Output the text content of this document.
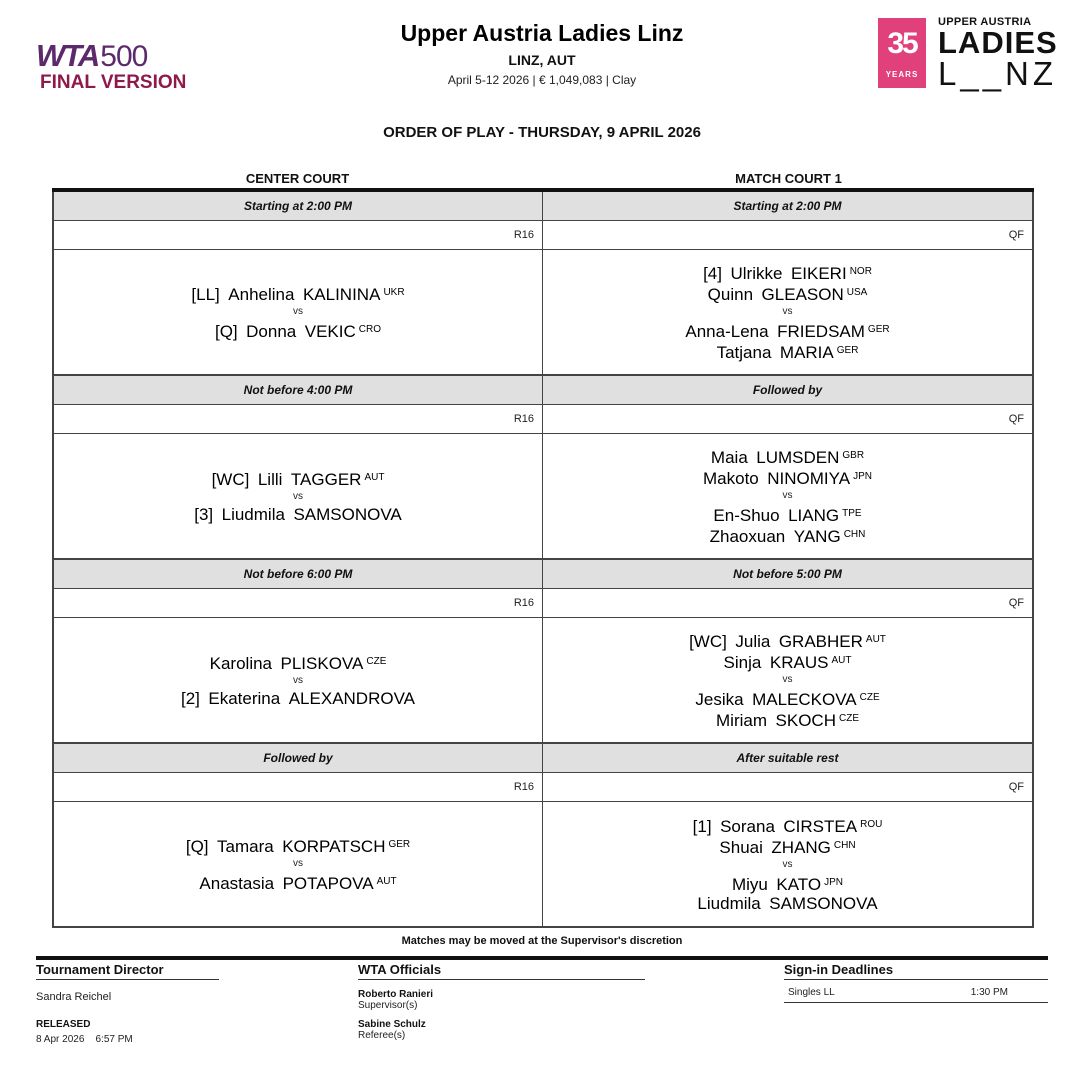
WTA 500
FINAL VERSION
Upper Austria Ladies Linz
LINZ, AUT
April 5-12 2026 | € 1,049,083 | Clay
35
YEARS
UPPER AUSTRIA
LADIES
L__NZ
ORDER OF PLAY - THURSDAY, 9 APRIL 2026
CENTER COURT	MATCH COURT 1
Starting at 2:00 PM
R16
[LL]  Anhelina  KALININA $^{UKR}$
vs
[Q]  Donna  VEKIC $^{CRO}$
Starting at 2:00 PM
QF
[4]  Ulrikke  EIKERI $^{NOR}$
Quinn  GLEASON $^{USA}$
vs
Anna-Lena  FRIEDSAM $^{GER}$
Tatjana  MARIA $^{GER}$
Not before 4:00 PM
R16
[WC]  Lilli  TAGGER $^{AUT}$
vs
[3]  Liudmila  SAMSONOVA
Followed by
QF
Maia  LUMSDEN $^{GBR}$
Makoto  NINOMIYA $^{JPN}$
vs
En-Shuo  LIANG $^{TPE}$
Zhaoxuan  YANG $^{CHN}$
Not before 6:00 PM
R16
Karolina  PLISKOVA $^{CZE}$
vs
[2]  Ekaterina  ALEXANDROVA
Not before 5:00 PM
QF
[WC]  Julia  GRABHER $^{AUT}$
Sinja  KRAUS $^{AUT}$
vs
Jesika  MALECKOVA $^{CZE}$
Miriam  SKOCH $^{CZE}$
Followed by
R16
[Q]  Tamara  KORPATSCH $^{GER}$
vs
Anastasia  POTAPOVA $^{AUT}$
After suitable rest
QF
[1]  Sorana  CIRSTEA $^{ROU}$
Shuai  ZHANG $^{CHN}$
vs
Miyu  KATO $^{JPN}$
Liudmila  SAMSONOVA
Matches may be moved at the Supervisor's discretion
Tournament Director
Sandra Reichel
RELEASED
8 Apr 2026    6:57 PM
WTA Officials
Roberto Ranieri
Supervisor(s)
Sabine Schulz
Referee(s)
Sign-in Deadlines
Singles LL	1:30 PM
